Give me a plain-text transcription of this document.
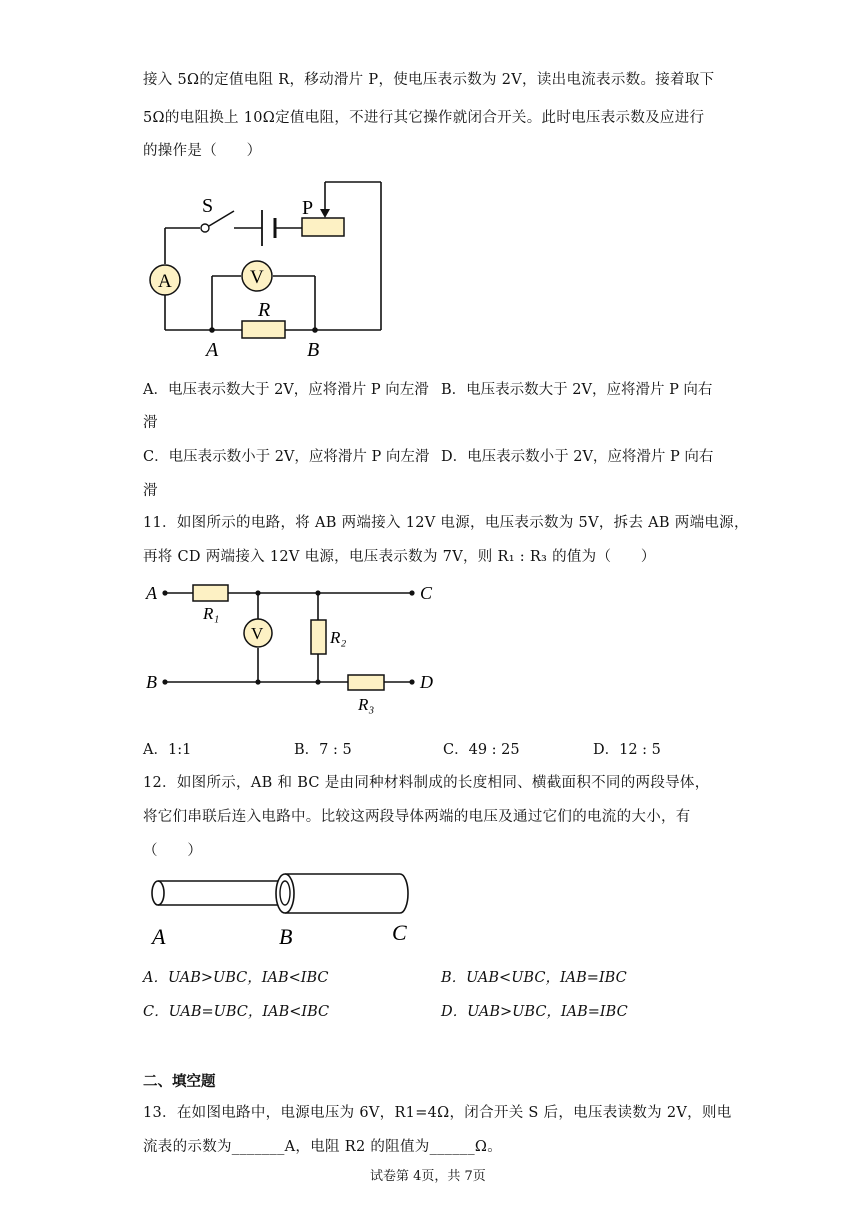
接入 5Ω的定值电阻 R，移动滑片 P，使电压表示数为 2V，读出电流表示数。接着取下
5Ω的电阻换上 10Ω定值电阻，不进行其它操作就闭合开关。此时电压表示数及应进行
的操作是（　　）
S	P
A	V
R
A	B
A．电压表示数大于 2V，应将滑片 P 向左滑 B．电压表示数大于 2V，应将滑片 P 向右
滑
C．电压表示数小于 2V，应将滑片 P 向左滑 D．电压表示数小于 2V，应将滑片 P 向右
滑
11．如图所示的电路，将 AB 两端接入 12V 电源，电压表示数为 5V，拆去 AB 两端电源，
再将 CD 两端接入 12V 电源，电压表示数为 7V，则 R₁ : R₃ 的值为（　　）
A
B
C
D
R₁
R₂
R₃
V
A．1:1	B．7 : 5	C．49 : 25	D．12 : 5
12．如图所示，AB 和 BC 是由同种材料制成的长度相同、横截面积不同的两段导体，
将它们串联后连入电路中。比较这两段导体两端的电压及通过它们的电流的大小，有
（　　）
A	B	C
A．UAB>UBC，IAB<IBC	B．UAB<UBC，IAB=IBC
C．UAB=UBC，IAB<IBC	D．UAB>UBC，IAB=IBC
二、填空题
13．在如图电路中，电源电压为 6V，R1=4Ω，闭合开关 S 后，电压表读数为 2V，则电
流表的示数为_______A，电阻 R2 的阻值为______Ω。
试卷第 4页，共 7页
